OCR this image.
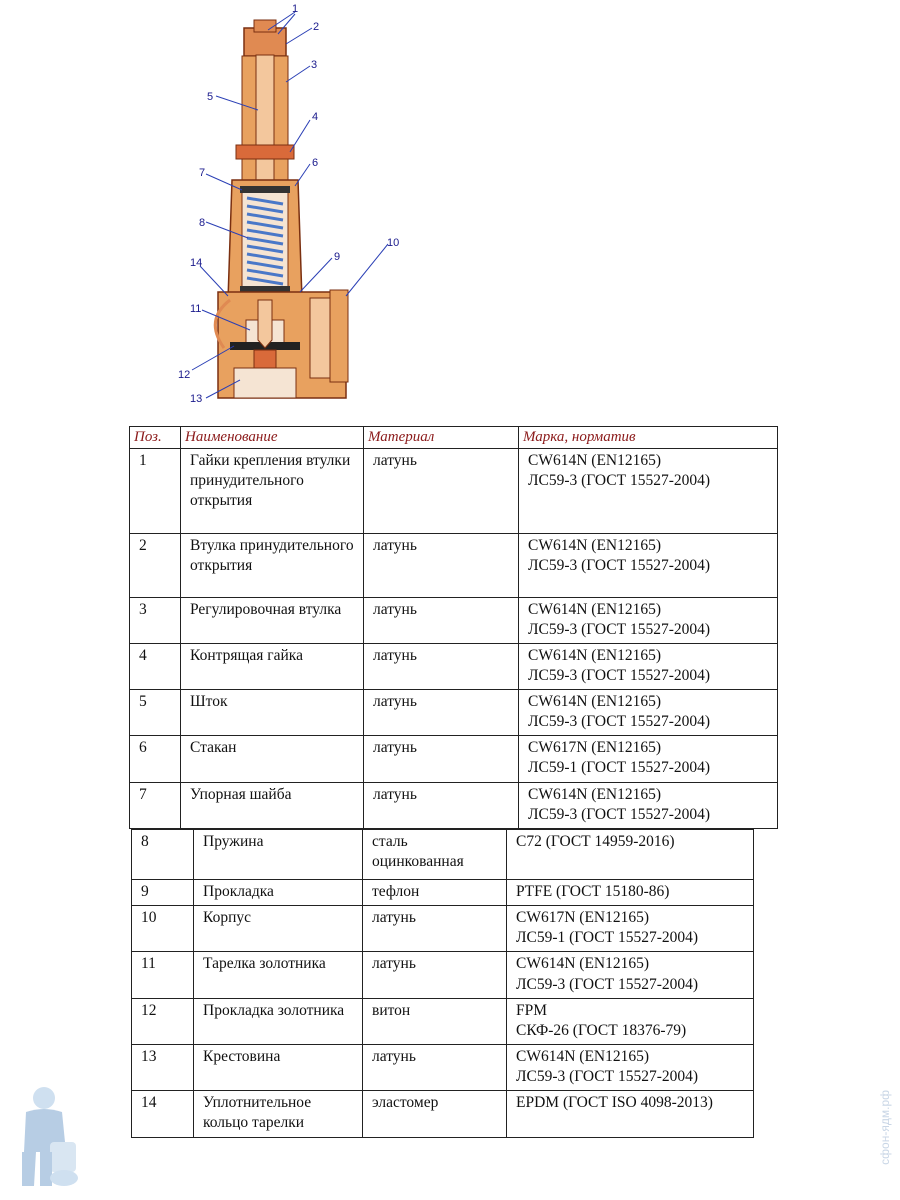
1
2
3
4
5
6
7
8
9
10
14
11
12
13
Поз.	Наименование	Материал	Марка, норматив
1	Гайки крепления втулки принудительного открытия	латунь	CW614N (EN12165)
ЛС59-3 (ГОСТ 15527-2004)

2	Втулка принудительного открытия	латунь	CW614N (EN12165)
ЛС59-3 (ГОСТ 15527-2004)

3	Регулировочная втулка	латунь	CW614N (EN12165)
ЛС59-3 (ГОСТ 15527-2004)

4	Контрящая гайка	латунь	CW614N (EN12165)
ЛС59-3 (ГОСТ 15527-2004)

5	Шток	латунь	CW614N (EN12165)
ЛС59-3 (ГОСТ 15527-2004)

6	Стакан	латунь	CW617N (EN12165)
ЛС59-1 (ГОСТ 15527-2004)

7	Упорная шайба	латунь	CW614N (EN12165)
ЛС59-3 (ГОСТ 15527-2004)
8	Пружина	сталь оцинкованная	C72 (ГОСТ 14959-2016)

9	Прокладка	тефлон	PTFE (ГОСТ 15180-86)

10	Корпус	латунь	CW617N (EN12165)
ЛС59-1 (ГОСТ 15527-2004)

11	Тарелка золотника	латунь	CW614N (EN12165)
ЛС59-3 (ГОСТ 15527-2004)

12	Прокладка золотника	витон	FPM
СКФ-26 (ГОСТ 18376-79)

13	Крестовина	латунь	CW614N (EN12165)
ЛС59-3 (ГОСТ 15527-2004)

14	Уплотнительное кольцо тарелки	эластомер	EPDM (ГОСТ ISO 4098-2013)	сфон-ядм.рф
